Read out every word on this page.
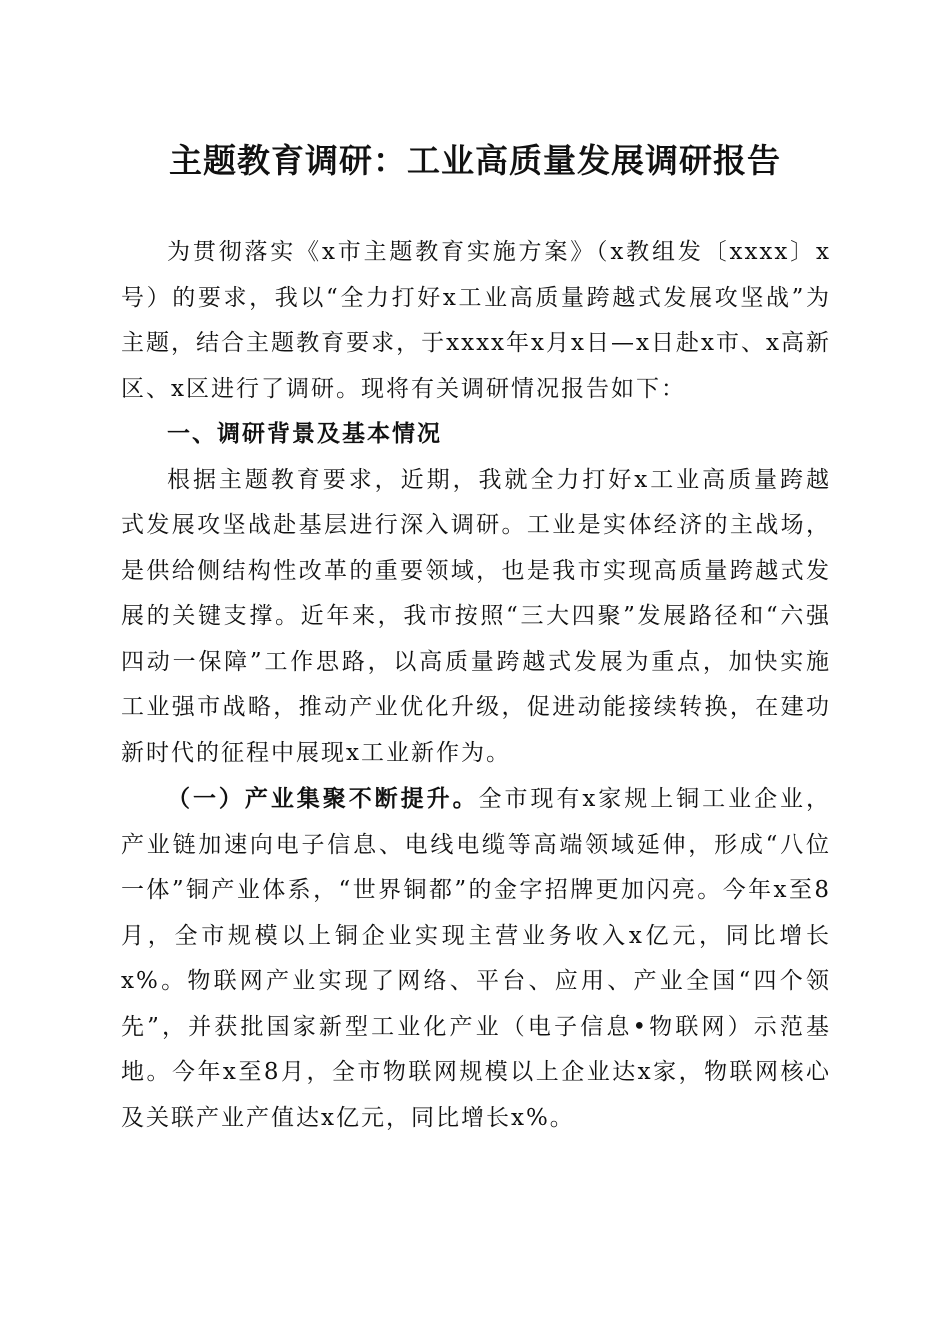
主题教育调研：工业高质量发展调研报告

为贯彻落实《x市主题教育实施方案》（x教组发〔xxxx〕x号）的要求，我以“全力打好x工业高质量跨越式发展攻坚战”为主题，结合主题教育要求，于xxxx年x月x日—x日赴x市、x高新区、x区进行了调研。现将有关调研情况报告如下：

一、调研背景及基本情况

根据主题教育要求，近期，我就全力打好x工业高质量跨越式发展攻坚战赴基层进行深入调研。工业是实体经济的主战场，是供给侧结构性改革的重要领域，也是我市实现高质量跨越式发展的关键支撑。近年来，我市按照“三大四聚”发展路径和“六强四动一保障”工作思路，以高质量跨越式发展为重点，加快实施工业强市战略，推动产业优化升级，促进动能接续转换，在建功新时代的征程中展现x工业新作为。

（一）产业集聚不断提升。全市现有x家规上铜工业企业，产业链加速向电子信息、电线电缆等高端领域延伸，形成“八位一体”铜产业体系，“世界铜都”的金字招牌更加闪亮。今年x至8月，全市规模以上铜企业实现主营业务收入x亿元，同比增长x%。物联网产业实现了网络、平台、应用、产业全国“四个领先”，并获批国家新型工业化产业（电子信息•物联网）示范基地。今年x至8月，全市物联网规模以上企业达x家，物联网核心及关联产业产值达x亿元，同比增长x%。
